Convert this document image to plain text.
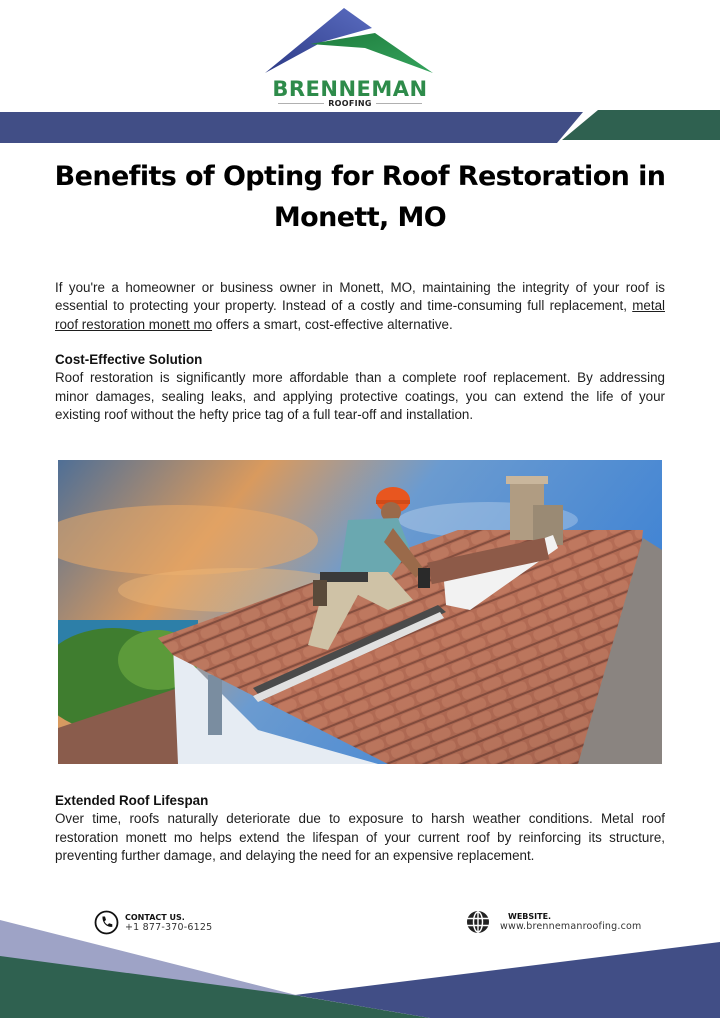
BRENNEMAN
ROOFING
Benefits of Opting for Roof Restoration in Monett, MO

If you're a homeowner or business owner in Monett, MO, maintaining the integrity of your roof is essential to protecting your property. Instead of a costly and time-consuming full replacement, metal roof restoration monett mo offers a smart, cost-effective alternative.

Cost-Effective Solution
Roof restoration is significantly more affordable than a complete roof replacement. By addressing minor damages, sealing leaks, and applying protective coatings, you can extend the life of your existing roof without the hefty price tag of a full tear-off and installation.
Extended Roof Lifespan
Over time, roofs naturally deteriorate due to exposure to harsh weather conditions. Metal roof restoration monett mo helps extend the lifespan of your current roof by reinforcing its structure, preventing further damage, and delaying the need for an expensive replacement.
CONTACT US.
+1 877-370-6125
WEBSITE.
www.brennemanroofing.com
